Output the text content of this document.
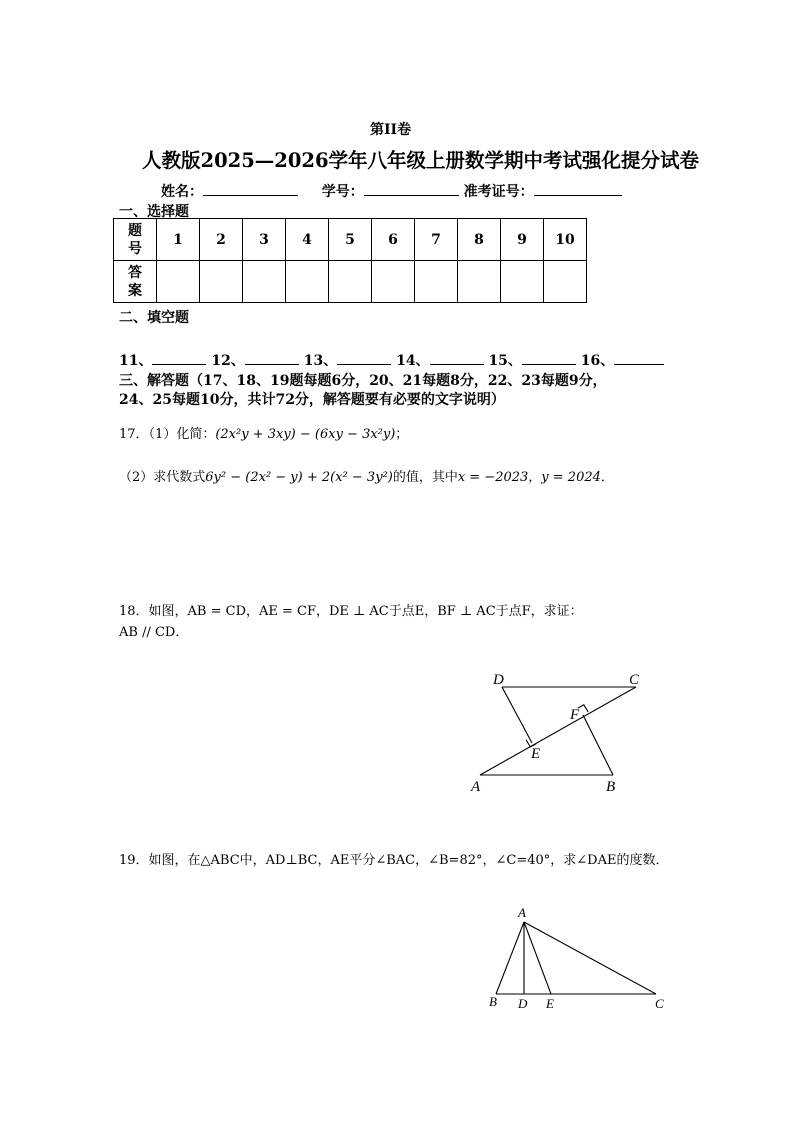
第II卷
人教版2025—2026学年八年级上册数学期中考试强化提分试卷
姓名：	学号：	准考证号：
一、选择题
题
号	1	2	3	4	5	6	7	8	9	10
答
案										
二、填空题
11、	12、	13、	14、	15、	16、
三、解答题（17、18、19题每题6分，20、21每题8分，22、23每题9分，
24、25每题10分，共计72分，解答题要有必要的文字说明）
17．（1）化简：(2x²y + 3xy) − (6xy − 3x²y)；
（2）求代数式6y² − (2x² − y) + 2(x² − 3y²)的值，其中x = −2023，y = 2024．
18．如图，AB = CD，AE = CF，DE ⊥ AC于点E，BF ⊥ AC于点F，求证：
AB // CD．
D	C
F
E
A	B
19．如图，在△ABC中，AD⊥BC，AE平分∠BAC，∠B=82°，∠C=40°，求∠DAE的度数．
A
B D E	C
